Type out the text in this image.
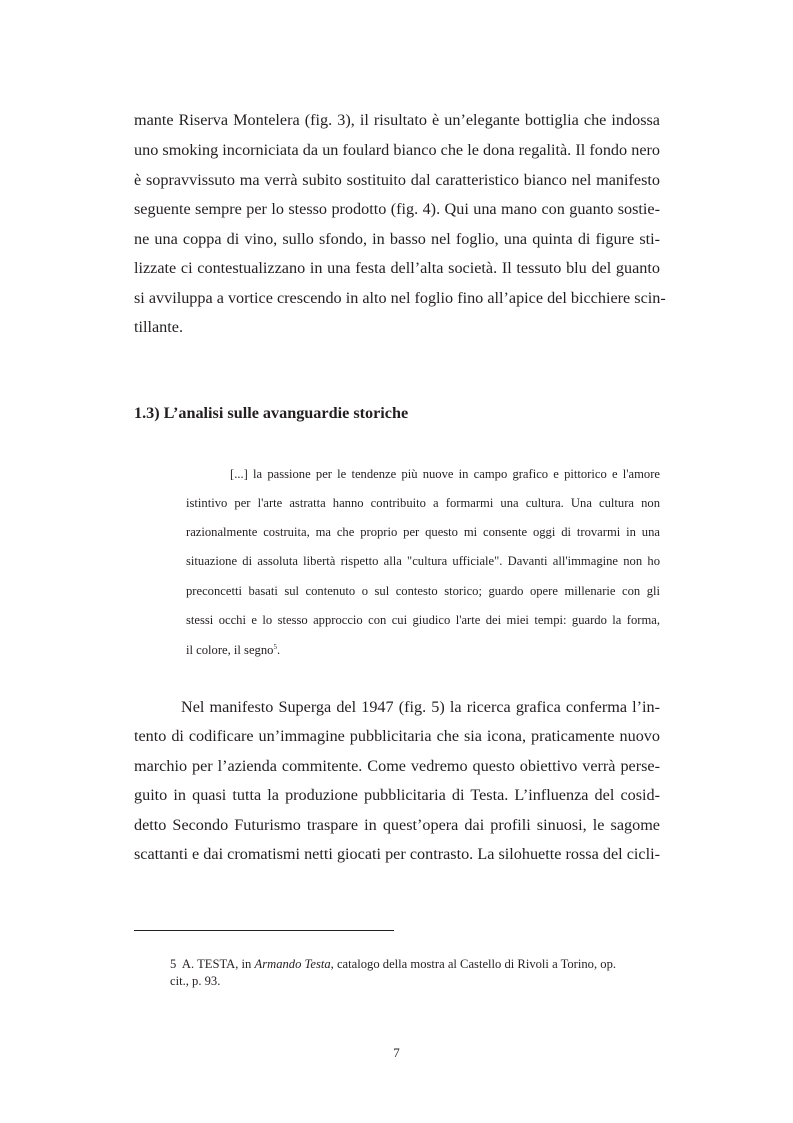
mante Riserva Montelera (fig. 3), il risultato è un’elegante bottiglia che indossa
uno smoking incorniciata da un foulard bianco che le dona regalità. Il fondo nero
è sopravvissuto ma verrà subito sostituito dal caratteristico bianco nel manifesto
seguente sempre per lo stesso prodotto (fig. 4). Qui una mano con guanto sostie-
ne una coppa di vino, sullo sfondo, in basso nel foglio, una quinta di figure sti-
lizzate ci contestualizzano in una festa dell’alta società. Il tessuto blu del guanto
si avviluppa a vortice crescendo in alto nel foglio fino all’apice del bicchiere scin-
tillante.
1.3) L’analisi sulle avanguardie storiche
[...] la passione per le tendenze più nuove in campo grafico e pittorico e l'amore
istintivo per l'arte astratta hanno contribuito a formarmi una cultura. Una cultura non
razionalmente costruita, ma che proprio per questo mi consente oggi di trovarmi in una
situazione di assoluta libertà rispetto alla "cultura ufficiale". Davanti all'immagine non ho
preconcetti basati sul contenuto o sul contesto storico; guardo opere millenarie con gli
stessi occhi e lo stesso approccio con cui giudico l'arte dei miei tempi: guardo la forma,
il colore, il segno$^5$.
Nel manifesto Superga del 1947 (fig. 5) la ricerca grafica conferma l’in-
tento di codificare un’immagine pubblicitaria che sia icona, praticamente nuovo
marchio per l’azienda commitente. Come vedremo questo obiettivo verrà perse-
guito in quasi tutta la produzione pubblicitaria di Testa. L’influenza del cosid-
detto Secondo Futurismo traspare in quest’opera dai profili sinuosi, le sagome
scattanti e dai cromatismi netti giocati per contrasto. La silohuette rossa del cicli-
5 A. TESTA, in Armando Testa, catalogo della mostra al Castello di Rivoli a Torino, op.
cit., p. 93.
7
